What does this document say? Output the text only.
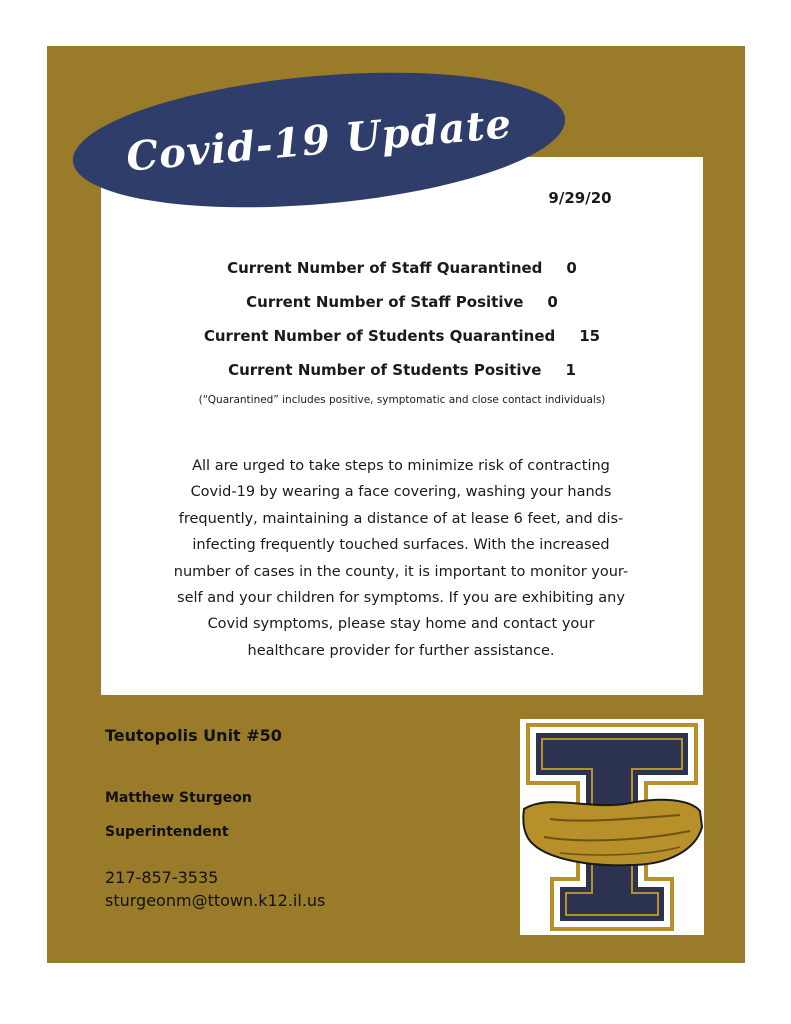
Covid-19 Update
9/29/20
Current Number of Staff Quarantined 0
Current Number of Staff Positive 0
Current Number of Students Quarantined 15
Current Number of Students Positive 1
(“Quarantined” includes positive, symptomatic and close contact individuals)
All are urged to take steps to minimize risk of contracting
Covid-19 by wearing a face covering, washing your hands
frequently, maintaining a distance of at lease 6 feet, and dis-
infecting frequently touched surfaces. With the increased
number of cases in the county, it is important to monitor your-
self and your children for symptoms. If you are exhibiting any
Covid symptoms, please stay home and contact your
healthcare provider for further assistance.
Teutopolis Unit #50
Matthew Sturgeon
Superintendent
217-857-3535
sturgeonm@ttown.k12.il.us
